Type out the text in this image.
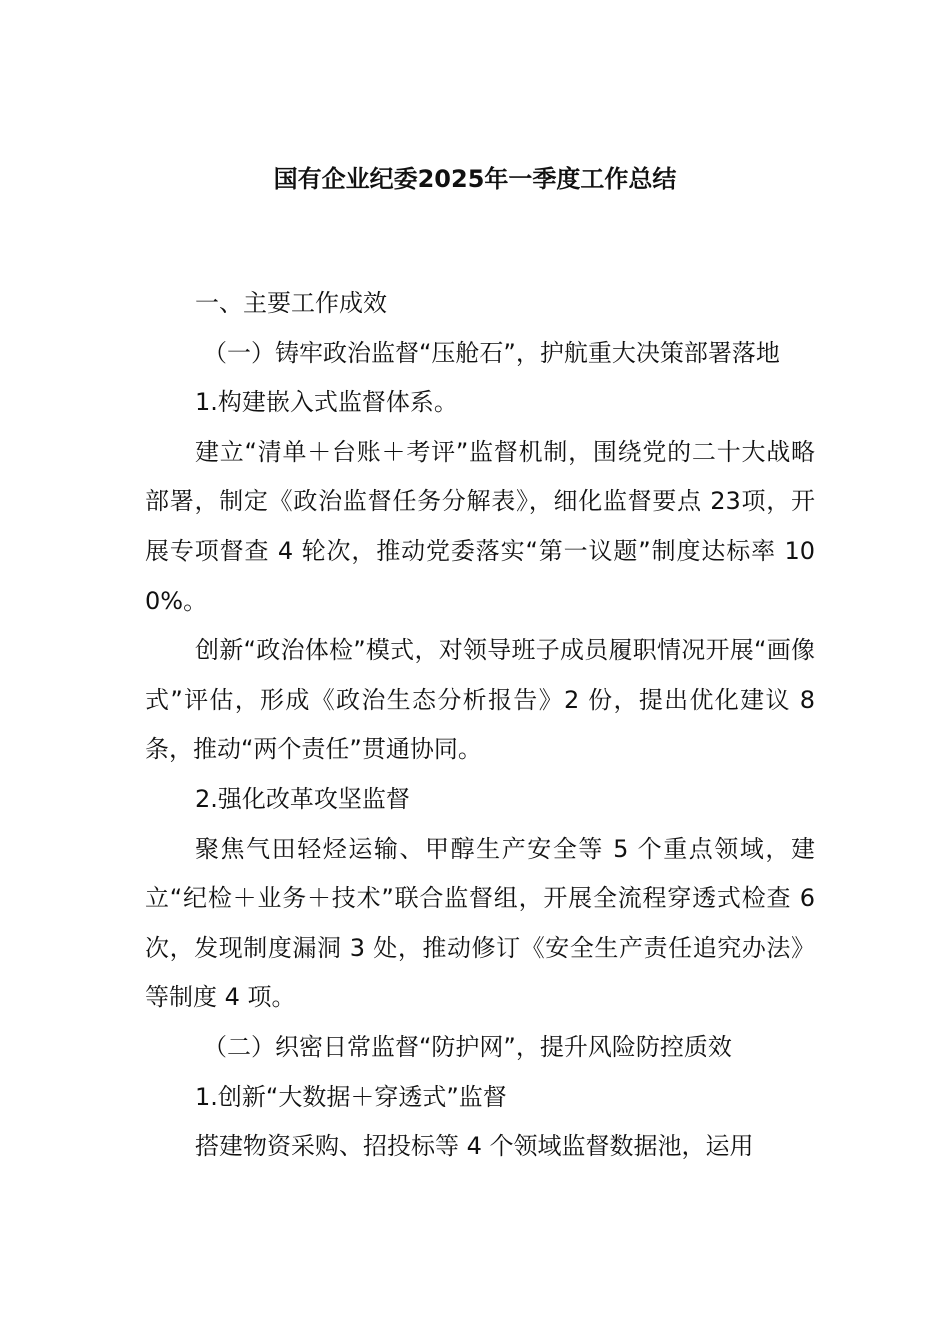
国有企业纪委2025年一季度工作总结

一、主要工作成效

（一）铸牢政治监督“压舱石”，护航重大决策部署落地

1.构建嵌入式监督体系。

建立“清单＋台账＋考评”监督机制，围绕党的二十大战略部署，制定《政治监督任务分解表》，细化监督要点 23项，开展专项督查 4 轮次，推动党委落实“第一议题”制度达标率 100%。

创新“政治体检”模式，对领导班子成员履职情况开展“画像式”评估，形成《政治生态分析报告》2 份，提出优化建议 8 条，推动“两个责任”贯通协同。

2.强化改革攻坚监督

聚焦气田轻烃运输、甲醇生产安全等 5 个重点领域，建立“纪检＋业务＋技术”联合监督组，开展全流程穿透式检查 6 次，发现制度漏洞 3 处，推动修订《安全生产责任追究办法》等制度 4 项。

（二）织密日常监督“防护网”，提升风险防控质效

1.创新“大数据＋穿透式”监督

搭建物资采购、招投标等 4 个领域监督数据池，运用
